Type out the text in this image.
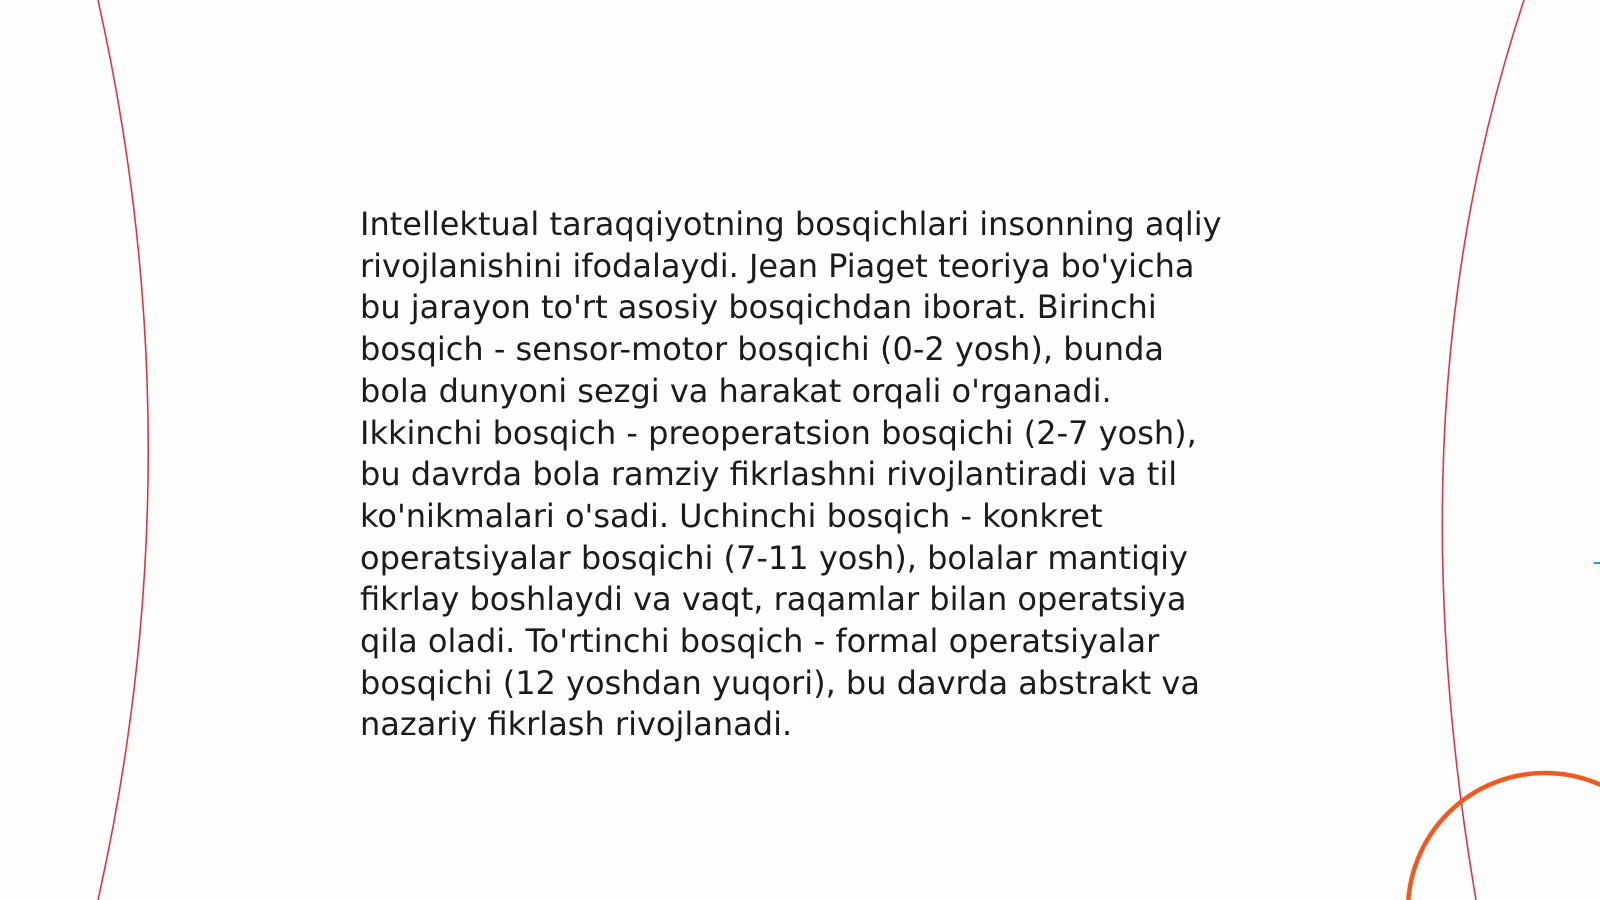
Intellektual taraqqiyotning bosqichlari insonning aqliy
rivojlanishini ifodalaydi. Jean Piaget teoriya bo'yicha
bu jarayon to'rt asosiy bosqichdan iborat. Birinchi
bosqich - sensor-motor bosqichi (0-2 yosh), bunda
bola dunyoni sezgi va harakat orqali o'rganadi.
Ikkinchi bosqich - preoperatsion bosqichi (2-7 yosh),
bu davrda bola ramziy fikrlashni rivojlantiradi va til
ko'nikmalari o'sadi. Uchinchi bosqich - konkret
operatsiyalar bosqichi (7-11 yosh), bolalar mantiqiy
fikrlay boshlaydi va vaqt, raqamlar bilan operatsiya
qila oladi. To'rtinchi bosqich - formal operatsiyalar
bosqichi (12 yoshdan yuqori), bu davrda abstrakt va
nazariy fikrlash rivojlanadi.
